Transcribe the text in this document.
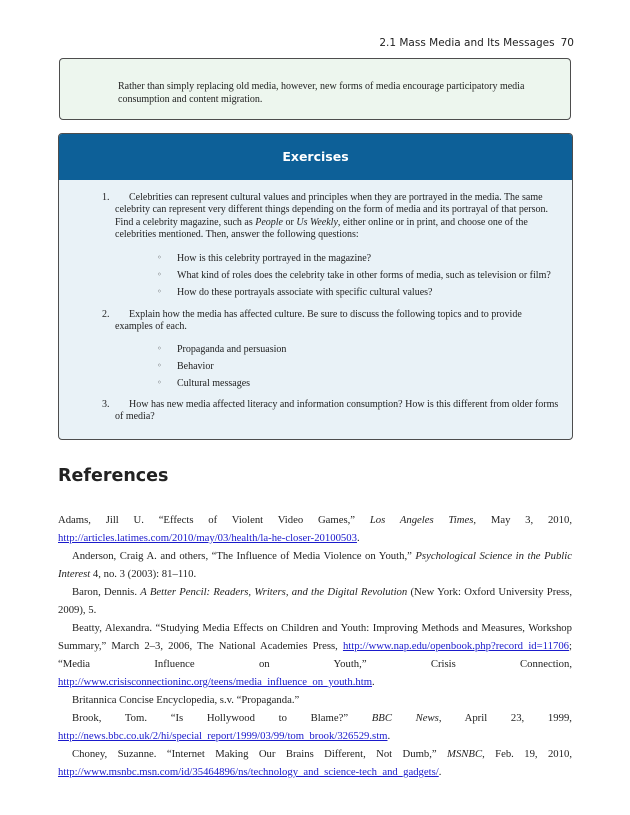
2.1 Mass Media and Its Messages 70

Rather than simply replacing old media, however, new forms of media encourage participatory media consumption and content migration.

Exercises
1.	Celebrities can represent cultural values and principles when they are portrayed in the media. The same celebrity can represent very different things depending on the form of media and its portrayal of that person. Find a celebrity magazine, such as People or Us Weekly, either online or in print, and choose one of the celebrities mentioned. Then, answer the following questions:
◦ How is this celebrity portrayed in the magazine?
◦ What kind of roles does the celebrity take in other forms of media, such as television or film?
◦ How do these portrayals associate with specific cultural values?
2.	Explain how the media has affected culture. Be sure to discuss the following topics and to provide examples of each.
◦ Propaganda and persuasion
◦ Behavior
◦ Cultural messages
3.	How has new media affected literacy and information consumption? How is this different from older forms of media?
References

Adams, Jill U. “Effects of Violent Video Games,” Los Angeles Times, May 3, 2010, http://articles.latimes.com/2010/may/03/health/la-he-closer-20100503.

Anderson, Craig A. and others, “The Influence of Media Violence on Youth,” Psychological Science in the Public Interest 4, no. 3 (2003): 81–110.

Baron, Dennis. A Better Pencil: Readers, Writers, and the Digital Revolution (New York: Oxford University Press, 2009), 5.

Beatty, Alexandra. “Studying Media Effects on Children and Youth: Improving Methods and Measures, Workshop Summary,” March 2–3, 2006, The National Academies Press, http://www.nap.edu/openbook.php?record_id=11706; “Media Influence on Youth,” Crisis Connection, http://www.crisisconnectioninc.org/teens/media_influence_on_youth.htm.

Britannica Concise Encyclopedia, s.v. “Propaganda.”

Brook, Tom. “Is Hollywood to Blame?” BBC News, April 23, 1999, http://news.bbc.co.uk/2/hi/special_report/1999/03/99/tom_brook/326529.stm.

Choney, Suzanne. “Internet Making Our Brains Different, Not Dumb,” MSNBC, Feb. 19, 2010, http://www.msnbc.msn.com/id/35464896/ns/technology_and_science-tech_and_gadgets/.
